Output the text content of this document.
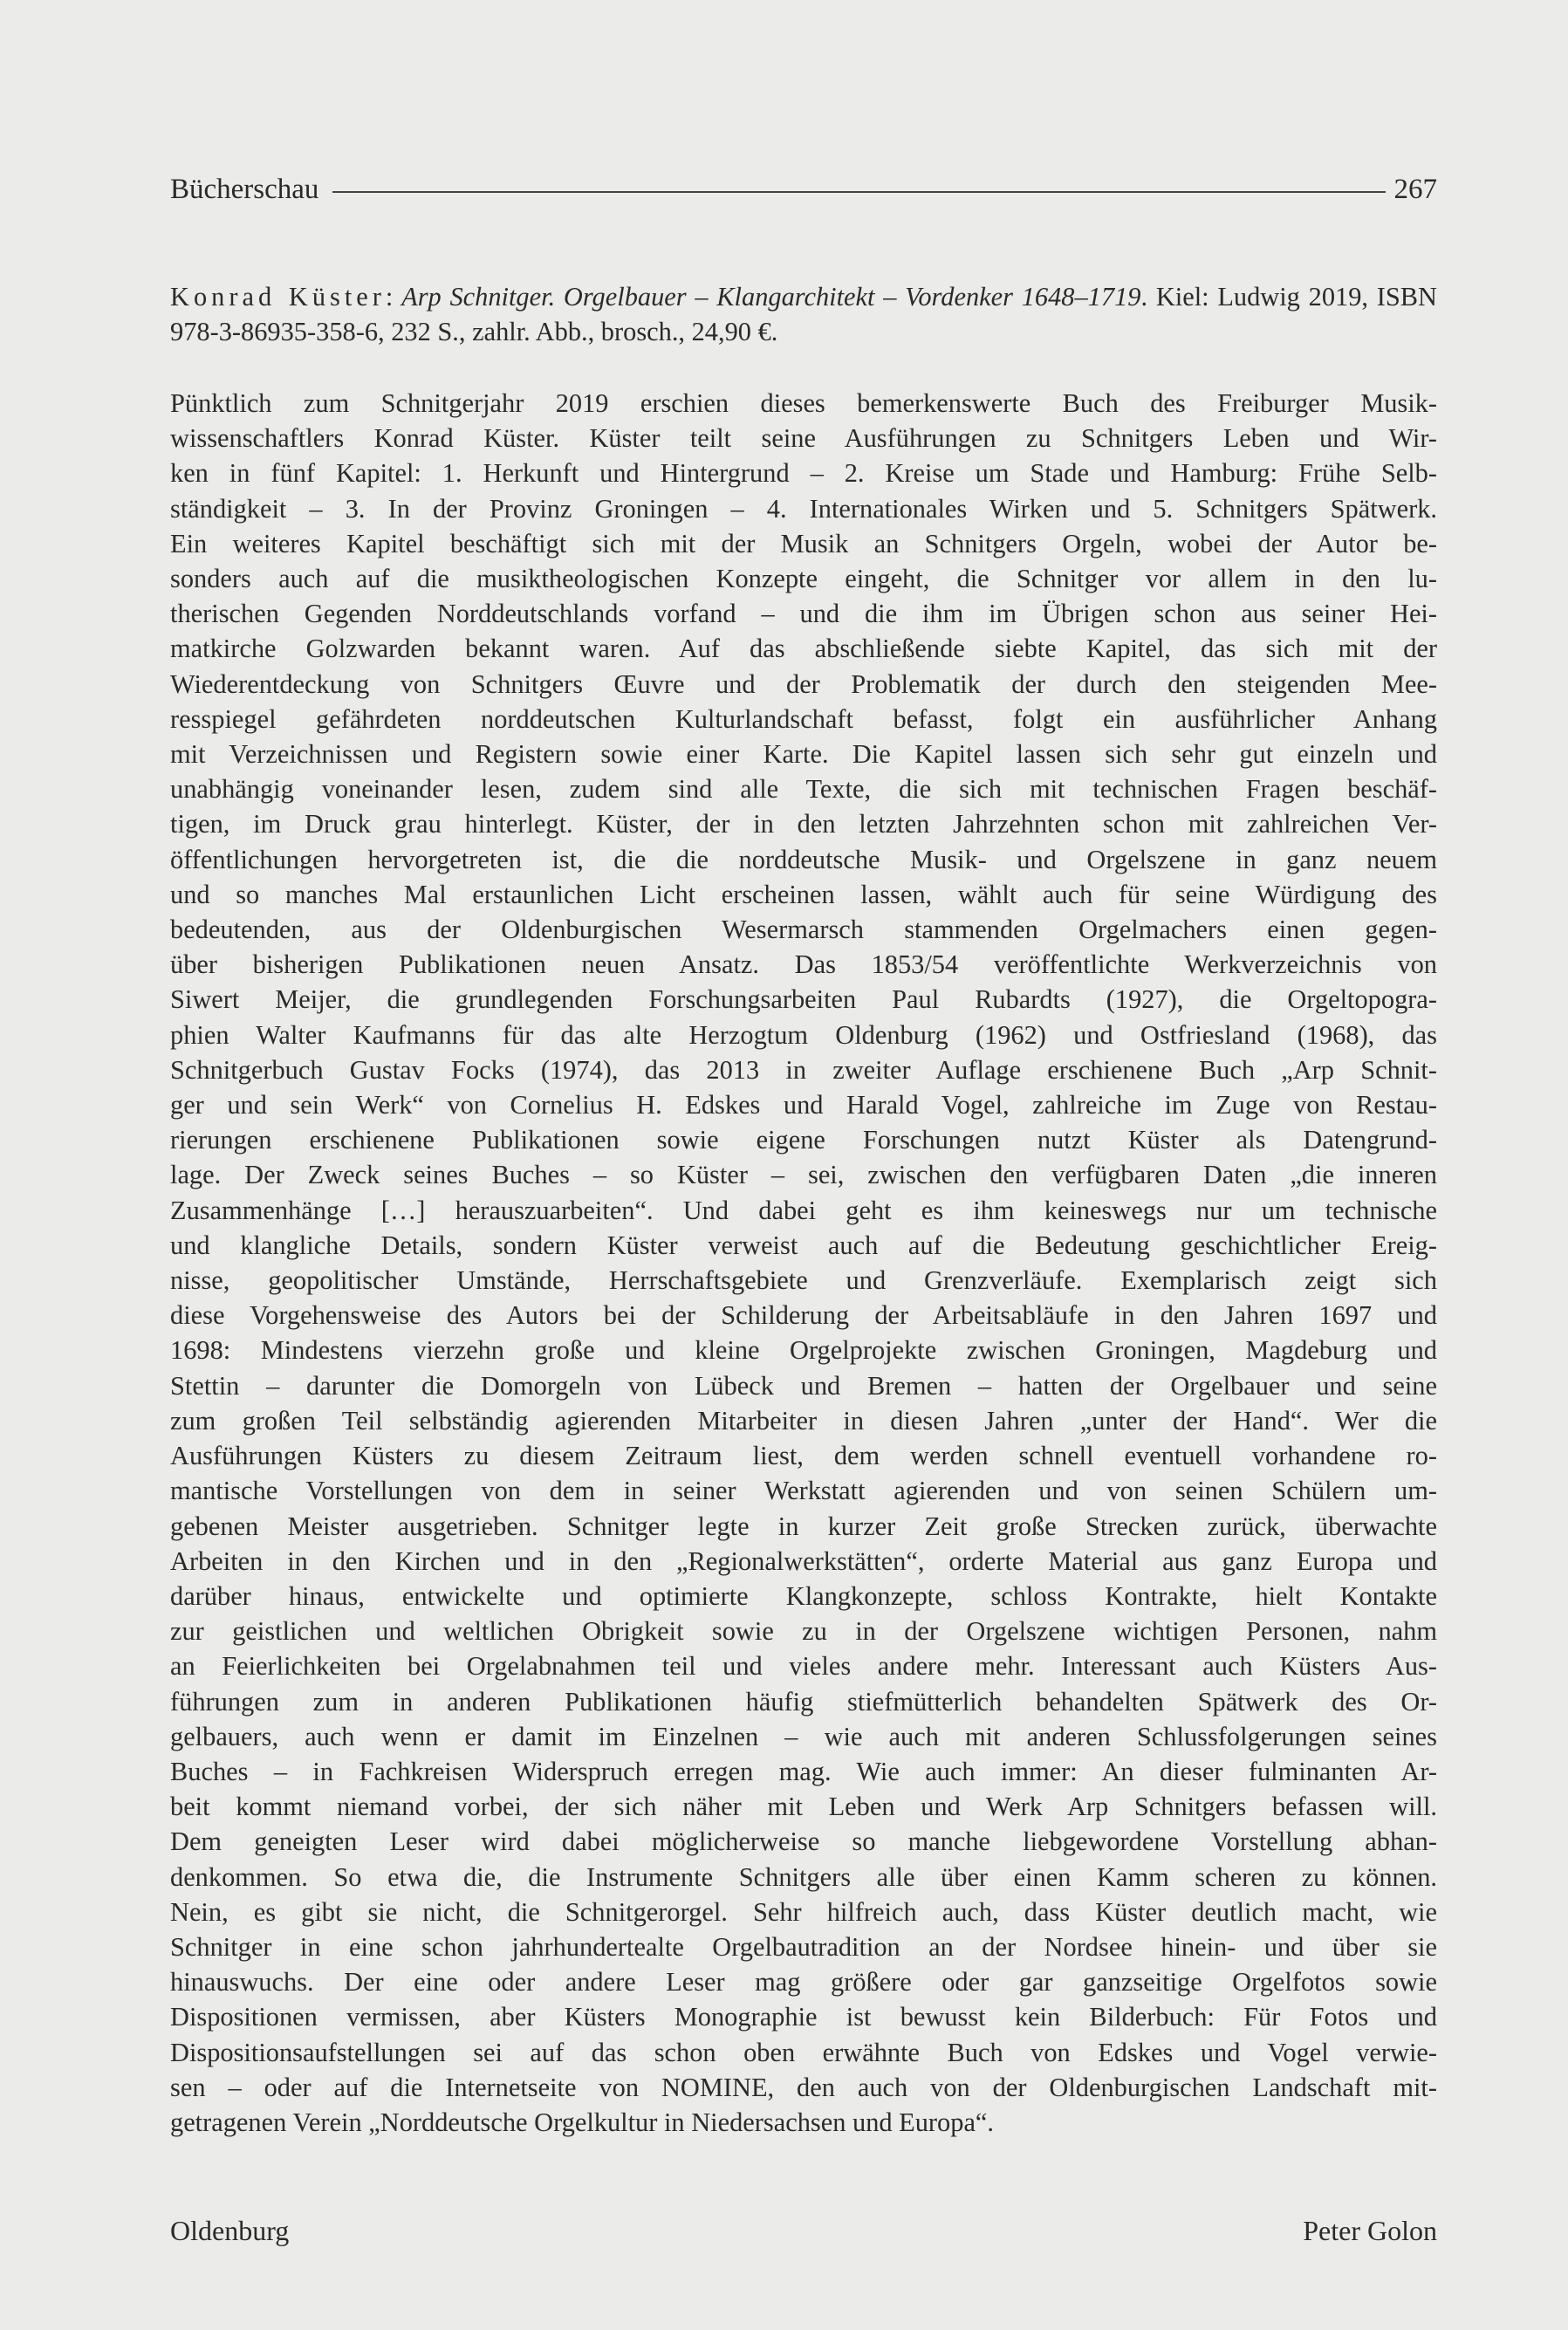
Bücherschau	267
Konrad Küster: Arp Schnitger. Orgelbauer – Klangarchitekt – Vordenker 1648–1719. Kiel: Ludwig 2019, ISBN 978-3-86935-358-6, 232 S., zahlr. Abb., brosch., 24,90 €.
Pünktlich zum Schnitgerjahr 2019 erschien dieses bemerkenswerte Buch des Freiburger Musik-
wissenschaftlers Konrad Küster. Küster teilt seine Ausführungen zu Schnitgers Leben und Wir-
ken in fünf Kapitel: 1. Herkunft und Hintergrund – 2. Kreise um Stade und Hamburg: Frühe Selb-
ständigkeit – 3. In der Provinz Groningen – 4. Internationales Wirken und 5. Schnitgers Spätwerk.
Ein weiteres Kapitel beschäftigt sich mit der Musik an Schnitgers Orgeln, wobei der Autor be-
sonders auch auf die musiktheologischen Konzepte eingeht, die Schnitger vor allem in den lu-
therischen Gegenden Norddeutschlands vorfand – und die ihm im Übrigen schon aus seiner Hei-
matkirche Golzwarden bekannt waren. Auf das abschließende siebte Kapitel, das sich mit der
Wiederentdeckung von Schnitgers Œuvre und der Problematik der durch den steigenden Mee-
resspiegel gefährdeten norddeutschen Kulturlandschaft befasst, folgt ein ausführlicher Anhang
mit Verzeichnissen und Registern sowie einer Karte. Die Kapitel lassen sich sehr gut einzeln und
unabhängig voneinander lesen, zudem sind alle Texte, die sich mit technischen Fragen beschäf-
tigen, im Druck grau hinterlegt. Küster, der in den letzten Jahrzehnten schon mit zahlreichen Ver-
öffentlichungen hervorgetreten ist, die die norddeutsche Musik- und Orgelszene in ganz neuem
und so manches Mal erstaunlichen Licht erscheinen lassen, wählt auch für seine Würdigung des
bedeutenden, aus der Oldenburgischen Wesermarsch stammenden Orgelmachers einen gegen-
über bisherigen Publikationen neuen Ansatz. Das 1853/54 veröffentlichte Werkverzeichnis von
Siwert Meijer, die grundlegenden Forschungsarbeiten Paul Rubardts (1927), die Orgeltopogra-
phien Walter Kaufmanns für das alte Herzogtum Oldenburg (1962) und Ostfriesland (1968), das
Schnitgerbuch Gustav Focks (1974), das 2013 in zweiter Auflage erschienene Buch „Arp Schnit-
ger und sein Werk“ von Cornelius H. Edskes und Harald Vogel, zahlreiche im Zuge von Restau-
rierungen erschienene Publikationen sowie eigene Forschungen nutzt Küster als Datengrund-
lage. Der Zweck seines Buches – so Küster – sei, zwischen den verfügbaren Daten „die inneren
Zusammenhänge […] herauszuarbeiten“. Und dabei geht es ihm keineswegs nur um technische
und klangliche Details, sondern Küster verweist auch auf die Bedeutung geschichtlicher Ereig-
nisse, geopolitischer Umstände, Herrschaftsgebiete und Grenzverläufe. Exemplarisch zeigt sich
diese Vorgehensweise des Autors bei der Schilderung der Arbeitsabläufe in den Jahren 1697 und
1698: Mindestens vierzehn große und kleine Orgelprojekte zwischen Groningen, Magdeburg und
Stettin – darunter die Domorgeln von Lübeck und Bremen – hatten der Orgelbauer und seine
zum großen Teil selbständig agierenden Mitarbeiter in diesen Jahren „unter der Hand“. Wer die
Ausführungen Küsters zu diesem Zeitraum liest, dem werden schnell eventuell vorhandene ro-
mantische Vorstellungen von dem in seiner Werkstatt agierenden und von seinen Schülern um-
gebenen Meister ausgetrieben. Schnitger legte in kurzer Zeit große Strecken zurück, überwachte
Arbeiten in den Kirchen und in den „Regionalwerkstätten“, orderte Material aus ganz Europa und
darüber hinaus, entwickelte und optimierte Klangkonzepte, schloss Kontrakte, hielt Kontakte
zur geistlichen und weltlichen Obrigkeit sowie zu in der Orgelszene wichtigen Personen, nahm
an Feierlichkeiten bei Orgelabnahmen teil und vieles andere mehr. Interessant auch Küsters Aus-
führungen zum in anderen Publikationen häufig stiefmütterlich behandelten Spätwerk des Or-
gelbauers, auch wenn er damit im Einzelnen – wie auch mit anderen Schlussfolgerungen seines
Buches – in Fachkreisen Widerspruch erregen mag. Wie auch immer: An dieser fulminanten Ar-
beit kommt niemand vorbei, der sich näher mit Leben und Werk Arp Schnitgers befassen will.
Dem geneigten Leser wird dabei möglicherweise so manche liebgewordene Vorstellung abhan-
denkommen. So etwa die, die Instrumente Schnitgers alle über einen Kamm scheren zu können.
Nein, es gibt sie nicht, die Schnitgerorgel. Sehr hilfreich auch, dass Küster deutlich macht, wie
Schnitger in eine schon jahrhundertealte Orgelbautradition an der Nordsee hinein- und über sie
hinauswuchs. Der eine oder andere Leser mag größere oder gar ganzseitige Orgelfotos sowie
Dispositionen vermissen, aber Küsters Monographie ist bewusst kein Bilderbuch: Für Fotos und
Dispositionsaufstellungen sei auf das schon oben erwähnte Buch von Edskes und Vogel verwie-
sen – oder auf die Internetseite von NOMINE, den auch von der Oldenburgischen Landschaft mit-
getragenen Verein „Norddeutsche Orgelkultur in Niedersachsen und Europa“.
Oldenburg	Peter Golon
